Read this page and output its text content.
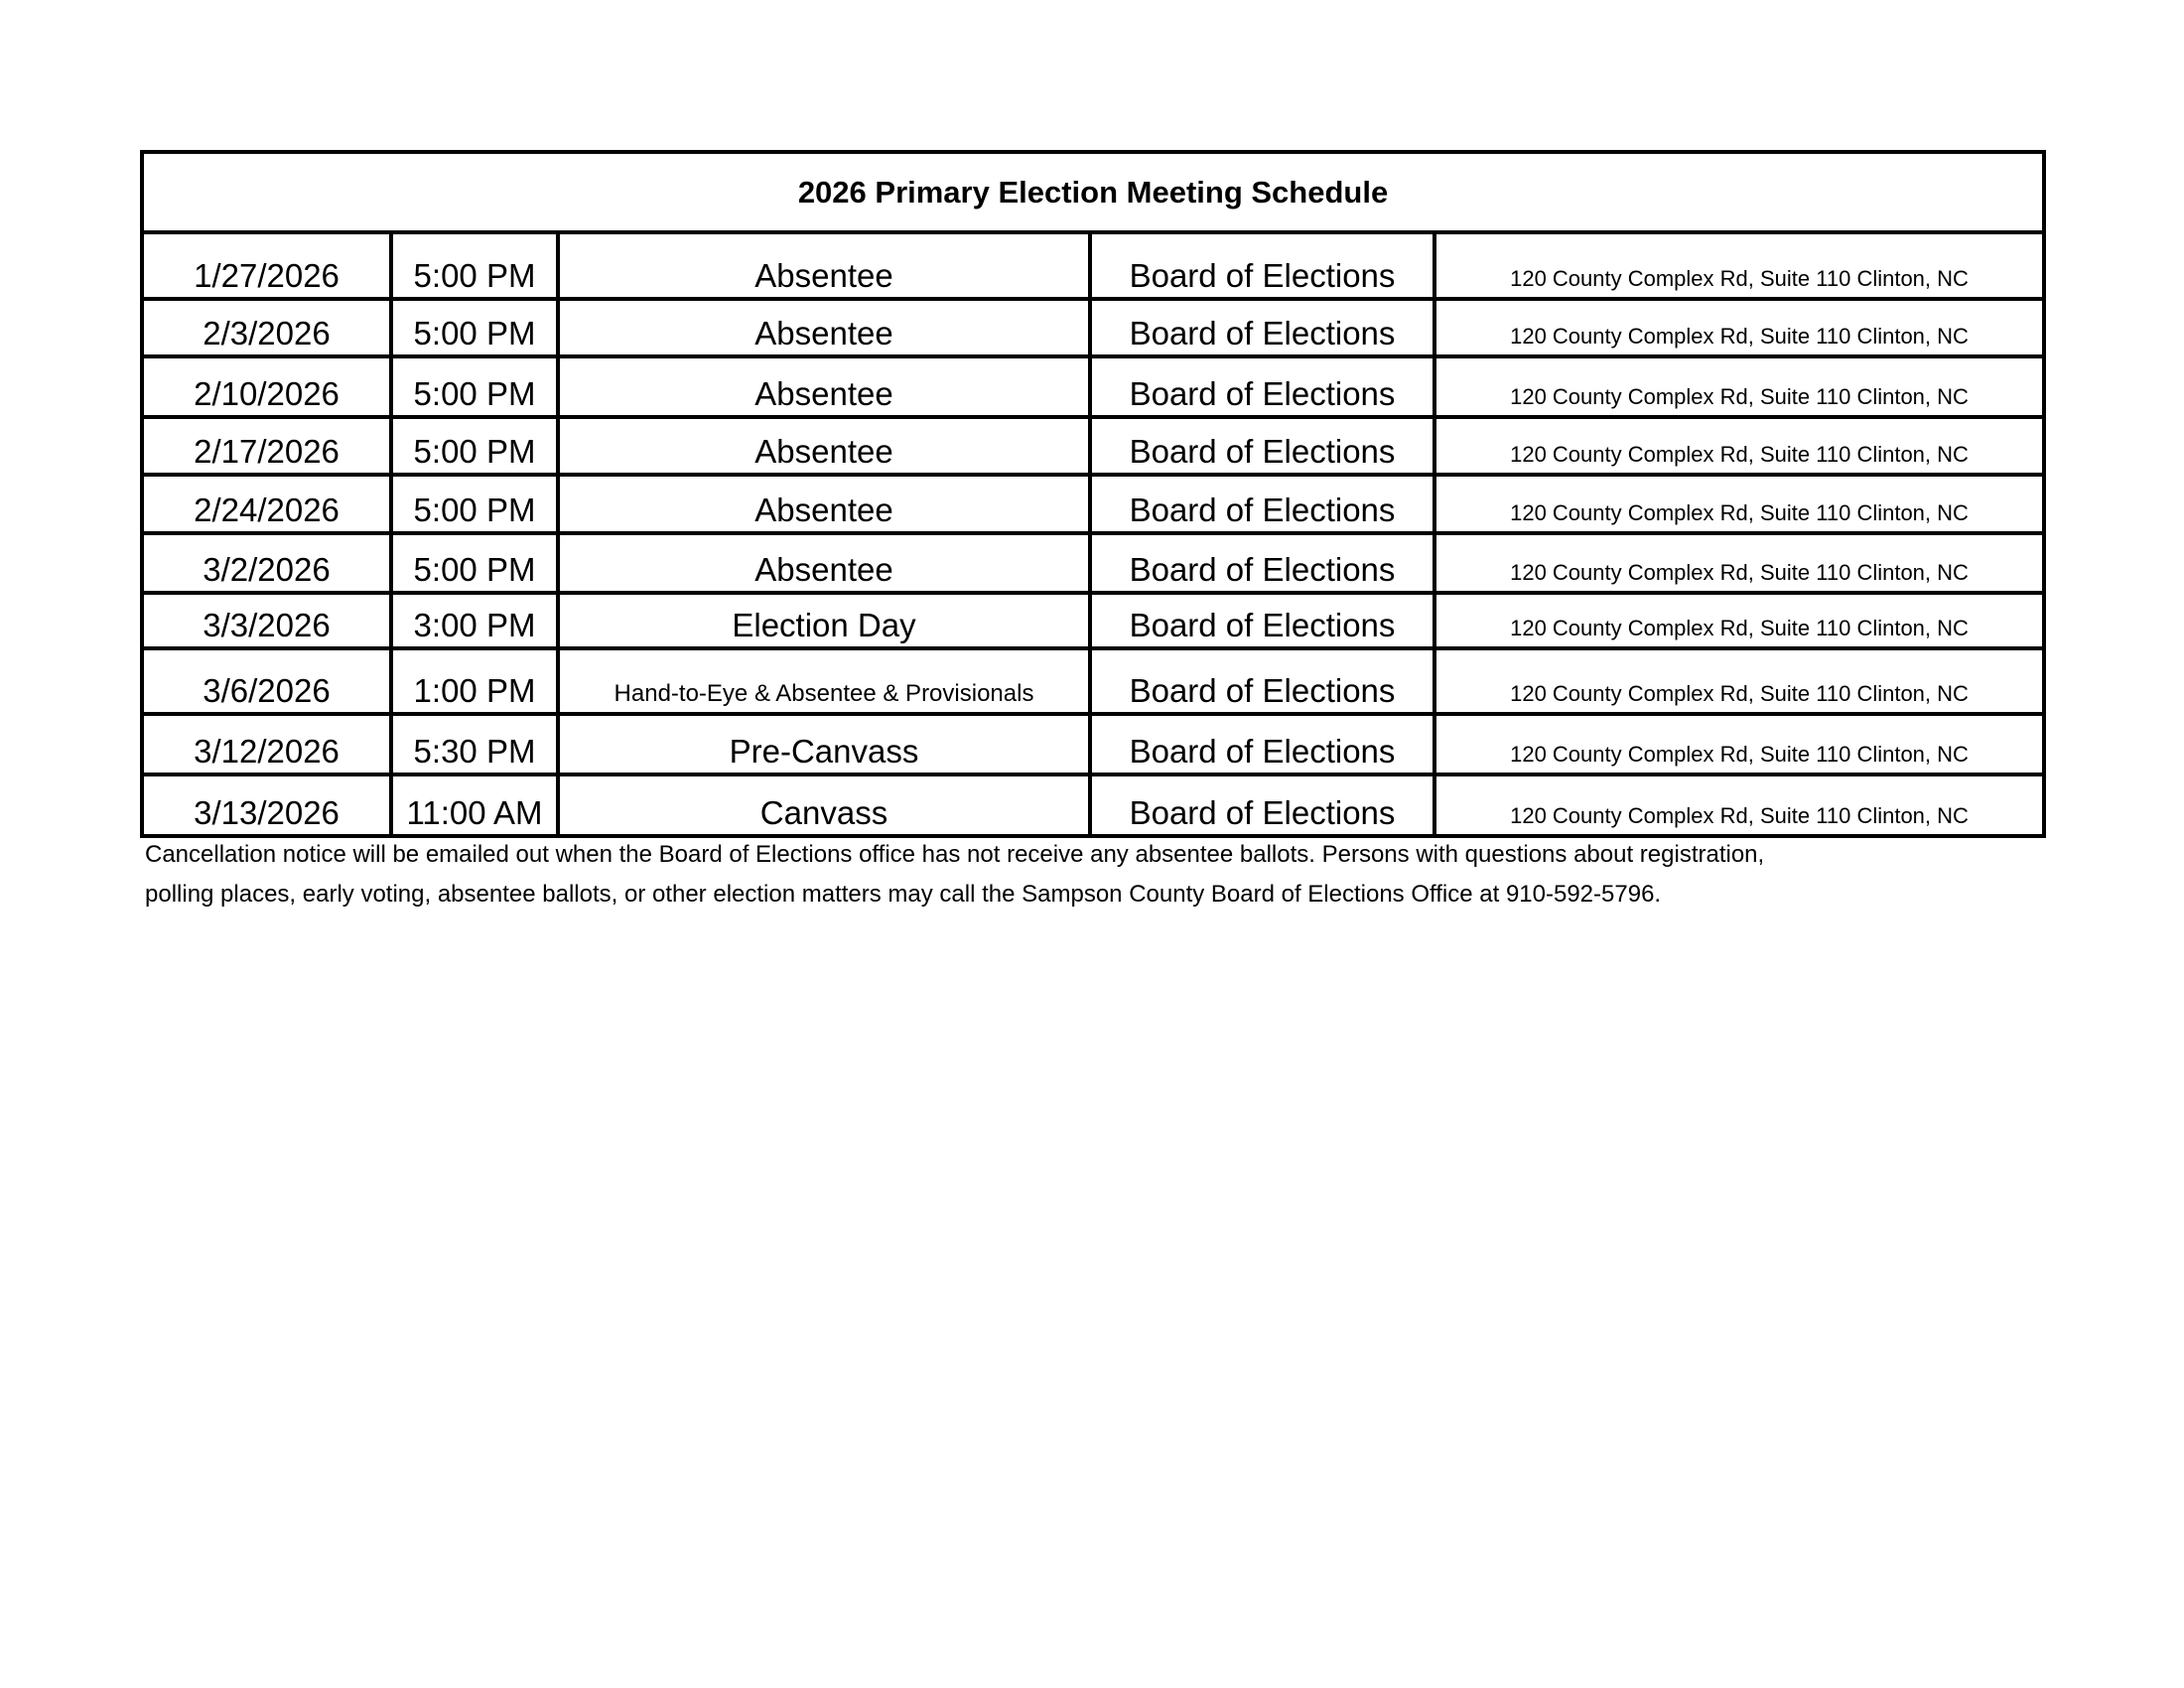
2026 Primary Election Meeting Schedule				
1/27/2026	5:00 PM	Absentee	Board of Elections	120 County Complex Rd, Suite 110 Clinton, NC
2/3/2026	5:00 PM	Absentee	Board of Elections	120 County Complex Rd, Suite 110 Clinton, NC
2/10/2026	5:00 PM	Absentee	Board of Elections	120 County Complex Rd, Suite 110 Clinton, NC
2/17/2026	5:00 PM	Absentee	Board of Elections	120 County Complex Rd, Suite 110 Clinton, NC
2/24/2026	5:00 PM	Absentee	Board of Elections	120 County Complex Rd, Suite 110 Clinton, NC
3/2/2026	5:00 PM	Absentee	Board of Elections	120 County Complex Rd, Suite 110 Clinton, NC
3/3/2026	3:00 PM	Election Day	Board of Elections	120 County Complex Rd, Suite 110 Clinton, NC
3/6/2026	1:00 PM	Hand-to-Eye & Absentee & Provisionals	Board of Elections	120 County Complex Rd, Suite 110 Clinton, NC
3/12/2026	5:30 PM	Pre-Canvass	Board of Elections	120 County Complex Rd, Suite 110 Clinton, NC
3/13/2026	11:00 AM	Canvass	Board of Elections	120 County Complex Rd, Suite 110 Clinton, NC
Cancellation notice will be emailed out when the Board of Elections office has not receive any absentee ballots. Persons with questions about registration,
polling places, early voting, absentee ballots, or other election matters may call the Sampson County Board of Elections Office at 910-592-5796.
